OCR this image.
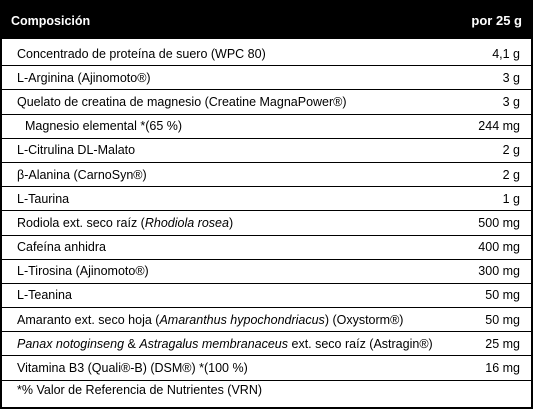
Composición	por 25 g
Concentrado de proteína de suero (WPC 80)	4,1 g
L-Arginina (Ajinomoto®)	3 g
Quelato de creatina de magnesio (Creatine MagnaPower®)	3 g
Magnesio elemental *(65 %)	244 mg
L-Citrulina DL-Malato	2 g
β-Alanina (CarnoSyn®)	2 g
L-Taurina	1 g
Rodiola ext. seco raíz (Rhodiola rosea)	500 mg
Cafeína anhidra	400 mg
L-Tirosina (Ajinomoto®)	300 mg
L-Teanina	50 mg
Amaranto ext. seco hoja (Amaranthus hypochondriacus) (Oxystorm®)	50 mg
Panax notoginseng & Astragalus membranaceus ext. seco raíz (Astragin®)	25 mg
Vitamina B3 (Quali®-B) (DSM®) *(100 %)	16 mg
*% Valor de Referencia de Nutrientes (VRN)
